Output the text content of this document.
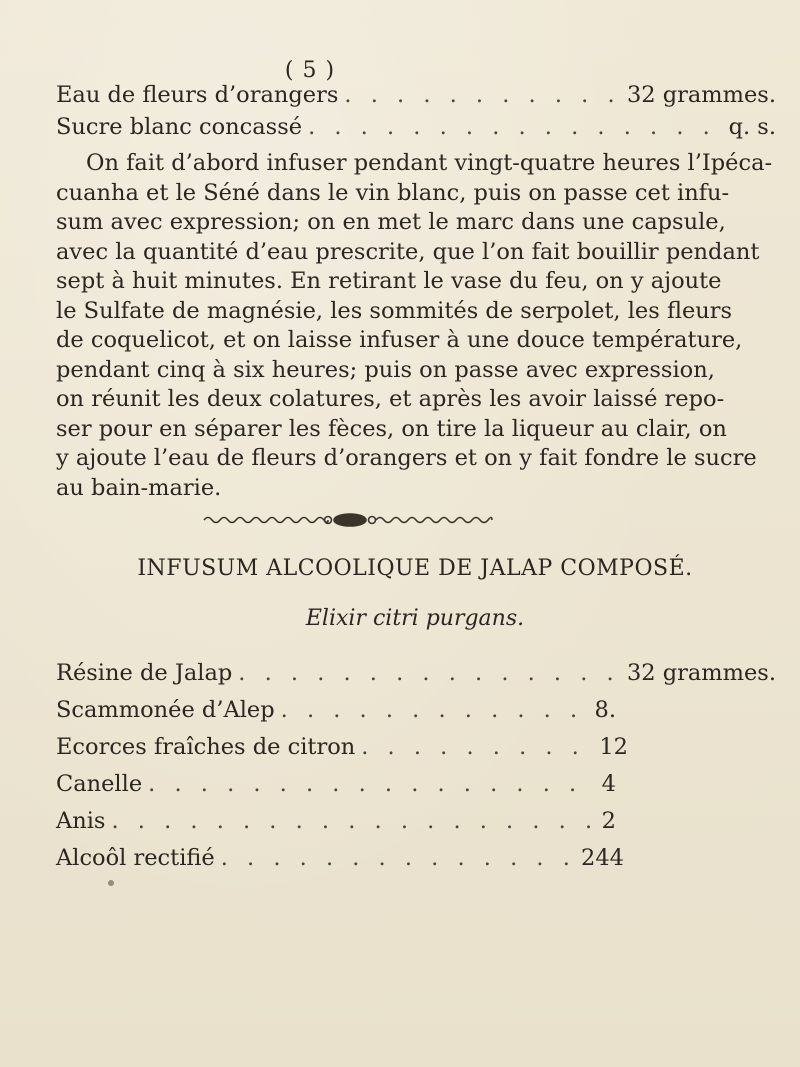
( 5 )
Eau de fleurs d’orangers . . .	32 grammes.
Sucre blanc concassé . . .	q. s.
On fait d’abord infuser pendant vingt-quatre heures l’Ipéca-
cuanha et le Séné dans le vin blanc, puis on passe cet infu-
sum avec expression; on en met le marc dans une capsule,
avec la quantité d’eau prescrite, que l’on fait bouillir pendant
sept à huit minutes. En retirant le vase du feu, on y ajoute
le Sulfate de magnésie, les sommités de serpolet, les fleurs
de coquelicot, et on laisse infuser à une douce température,
pendant cinq à six heures; puis on passe avec expression,
on réunit les deux colatures, et après les avoir laissé repo-
ser pour en séparer les fèces, on tire la liqueur au clair, on
INFUSUM ALCOOLIQUE DE JALAP COMPOSÉ.
Elixir citri purgans.
Résine de Jalap . . .	32 grammes.
Scammonée d’Alep . . .	8.
Ecorces fraîches de citron . . .	12
Canelle . . .	4
Anis . . .	2
Alcoôl rectifié . . .	244
y ajoute l’eau de fleurs d’orangers et on y fait fondre le sucre
au bain-marie.
